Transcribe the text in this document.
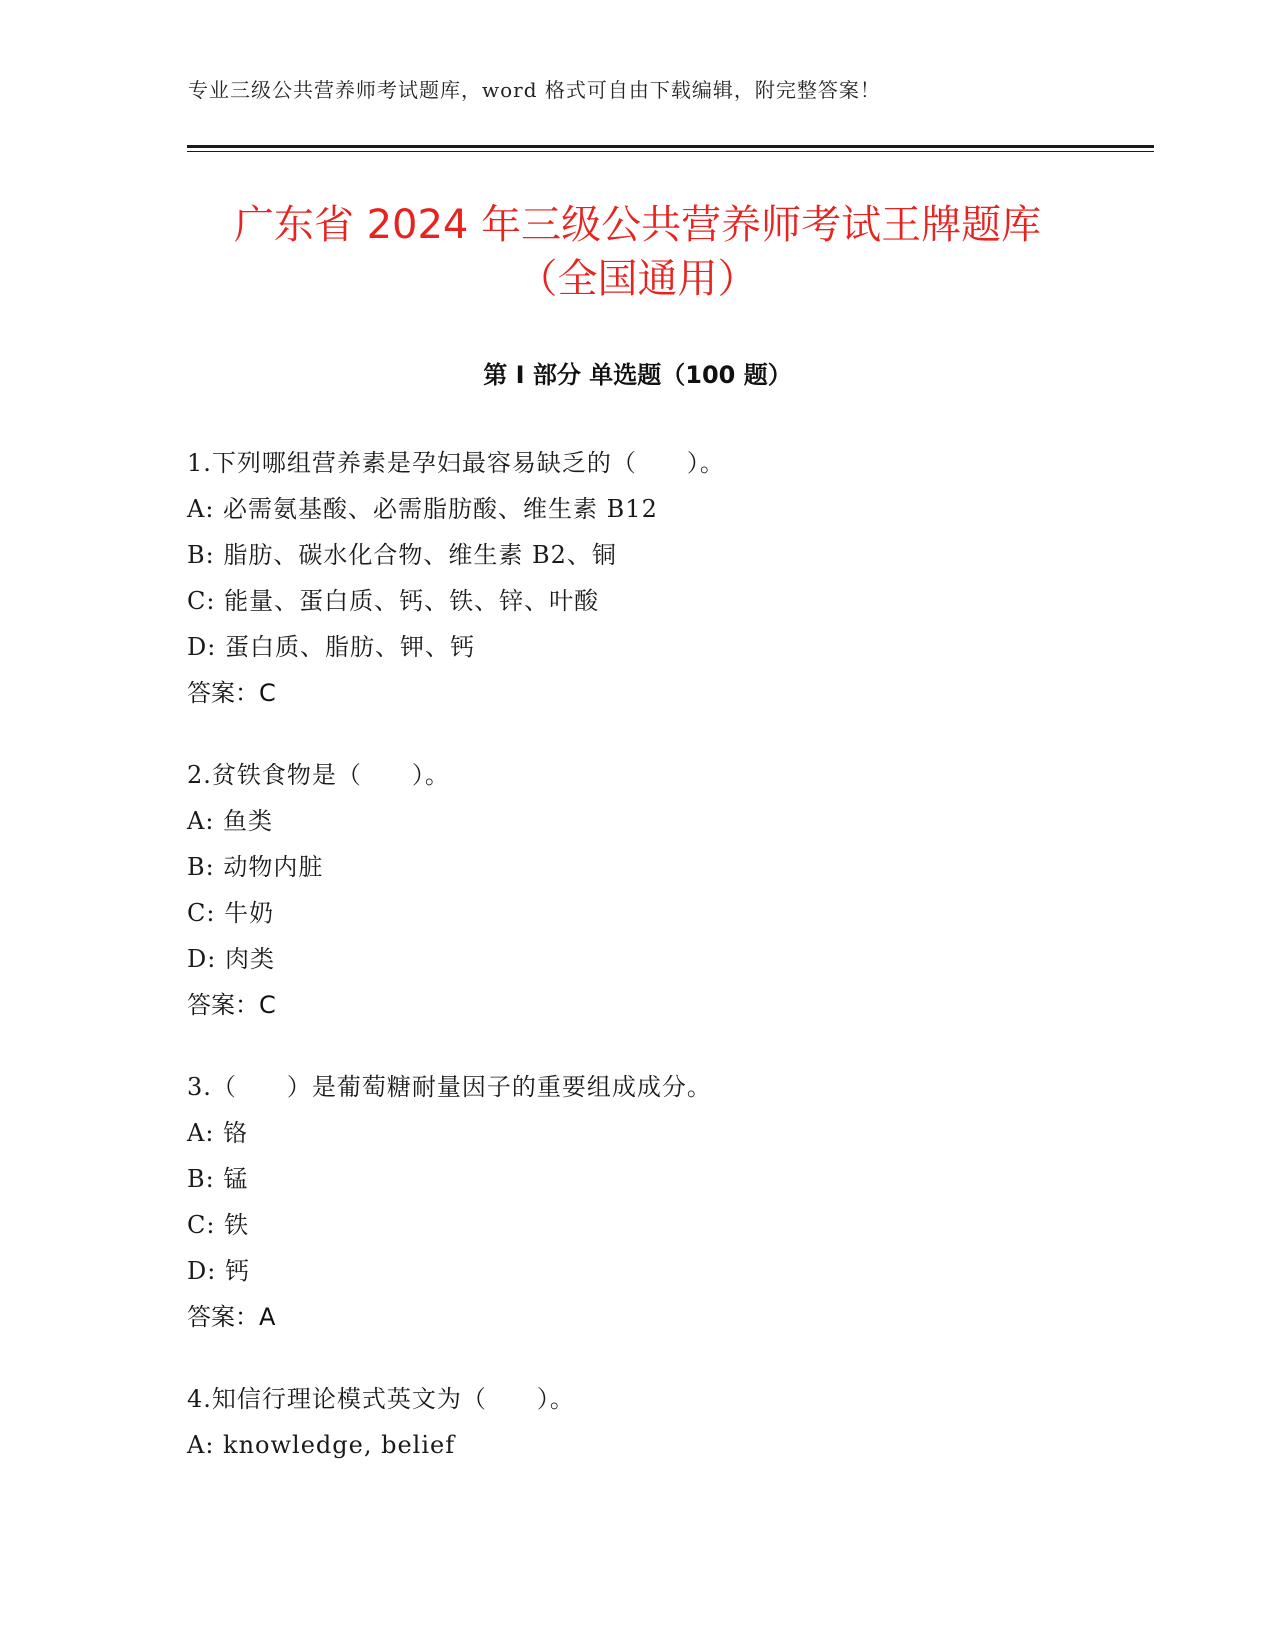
专业三级公共营养师考试题库，word 格式可自由下载编辑，附完整答案！
广东省 2024 年三级公共营养师考试王牌题库
（全国通用）
第 I 部分 单选题（100 题）
1.下列哪组营养素是孕妇最容易缺乏的（　　）。
A: 必需氨基酸、必需脂肪酸、维生素 B12
B: 脂肪、碳水化合物、维生素 B2、铜
C: 能量、蛋白质、钙、铁、锌、叶酸
D: 蛋白质、脂肪、钾、钙
答案：C
2.贫铁食物是（　　）。
A: 鱼类
B: 动物内脏
C: 牛奶
D: 肉类
答案：C
3.（　　）是葡萄糖耐量因子的重要组成成分。
A: 铬
B: 锰
C: 铁
D: 钙
答案：A
4.知信行理论模式英文为（　　）。
A: knowledge, belief
